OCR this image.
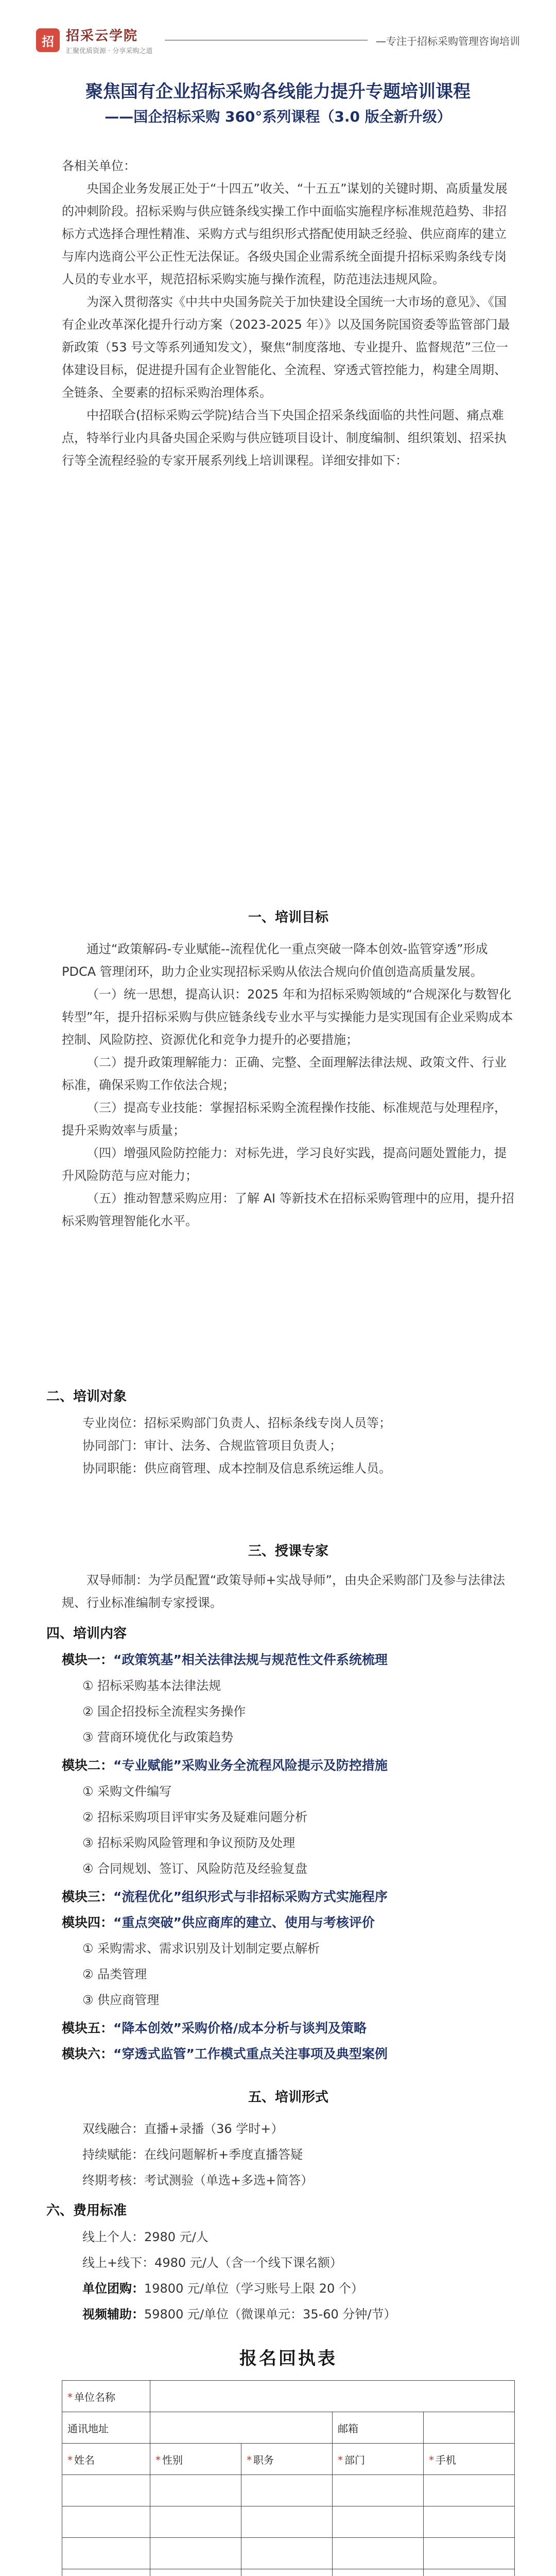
招 招采云学院
汇聚优质资源 · 分享采购之道
—专注于招标采购管理咨询培训
聚焦国有企业招标采购各线能力提升专题培训课程
——国企招标采购 360°系列课程（3.0 版全新升级）

各相关单位：

央国企业务发展正处于“十四五”收关、“十五五”谋划的关键时期、高质量发展的冲刺阶段。招标采购与供应链条线实操工作中面临实施程序标准规范趋势、非招标方式选择合理性精准、采购方式与组织形式搭配使用缺乏经验、供应商库的建立与库内选商公平公正性无法保证。各级央国企业需系统全面提升招标采购条线专岗人员的专业水平，规范招标采购实施与操作流程，防范违法违规风险。

为深入贯彻落实《中共中央国务院关于加快建设全国统一大市场的意见》、《国有企业改革深化提升行动方案（2023-2025 年）》以及国务院国资委等监管部门最新政策（53 号文等系列通知发文），聚焦“制度落地、专业提升、监督规范”三位一体建设目标，促进提升国有企业智能化、全流程、穿透式管控能力，构建全周期、全链条、全要素的招标采购治理体系。

中招联合(招标采购云学院)结合当下央国企招采条线面临的共性问题、痛点难点，特举行业内具备央国企采购与供应链项目设计、制度编制、组织策划、招采执行等全流程经验的专家开展系列线上培训课程。详细安排如下：

一、培训目标

通过“政策解码-专业赋能--流程优化一重点突破一降本创效-监管穿透”形成 PDCA 管理闭环，助力企业实现招标采购从依法合规向价值创造高质量发展。

（一）统一思想，提高认识：2025 年和为招标采购领域的“合规深化与数智化转型”年，提升招标采购与供应链条线专业水平与实操能力是实现国有企业采购成本控制、风险防控、资源优化和竞争力提升的必要措施；

（二）提升政策理解能力：正确、完整、全面理解法律法规、政策文件、行业标准，确保采购工作依法合规；

（三）提高专业技能：掌握招标采购全流程操作技能、标准规范与处理程序，提升采购效率与质量；

（四）增强风险防控能力：对标先进，学习良好实践，提高问题处置能力，提升风险防范与应对能力；

（五）推动智慧采购应用：了解 AI 等新技术在招标采购管理中的应用，提升招标采购管理智能化水平。

二、培训对象

专业岗位：招标采购部门负责人、招标条线专岗人员等；

协同部门：审计、法务、合规监管项目负责人；

协同职能：供应商管理、成本控制及信息系统运维人员。

三、授课专家

双导师制：为学员配置“政策导师+实战导师”，由央企采购部门及参与法律法规、行业标准编制专家授课。

四、培训内容
模块一：“政策筑基”相关法律法规与规范性文件系统梳理
① 招标采购基本法律法规
② 国企招投标全流程实务操作
③ 营商环境优化与政策趋势
模块二：“专业赋能”采购业务全流程风险提示及防控措施
① 采购文件编写
② 招标采购项目评审实务及疑难问题分析
③ 招标采购风险管理和争议预防及处理
④ 合同规划、签订、风险防范及经验复盘
模块三：“流程优化”组织形式与非招标采购方式实施程序
模块四：“重点突破”供应商库的建立、使用与考核评价
① 采购需求、需求识别及计划制定要点解析
② 品类管理
③ 供应商管理
模块五：“降本创效”采购价格/成本分析与谈判及策略
模块六：“穿透式监管”工作模式重点关注事项及典型案例
五、培训形式
双线融合：直播+录播（36 学时+）
持续赋能：在线问题解析+季度直播答疑
终期考核：考试测验（单选+多选+简答）
六、费用标准
线上个人：2980 元/人
线上+线下：4980 元/人（含一个线下课名额）
单位团购：19800 元/单位（学习账号上限 20 个）
视频辅助：59800 元/单位（微课单元：35-60 分钟/节）
报名回执表
* 单位名称				
通讯地址			邮箱	
* 姓名	* 性别	* 职务	* 部门	* 手机
